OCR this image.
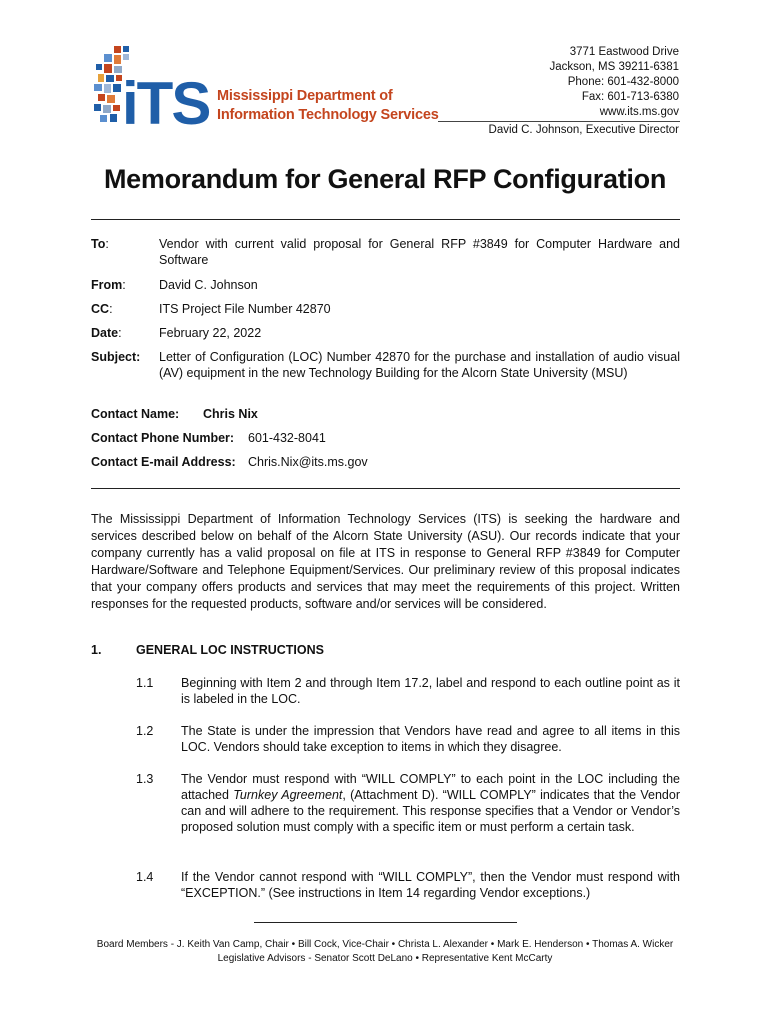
iTS Mississippi Department of
Information Technology Services
3771 Eastwood Drive
Jackson, MS 39211-6381
Phone: 601-432-8000
Fax: 601-713-6380
www.its.ms.gov
David C. Johnson, Executive Director
Memorandum for General RFP Configuration
To:	Vendor with current valid proposal for General RFP #3849 for Computer Hardware and Software
From:	David C. Johnson
CC:	ITS Project File Number 42870
Date:	February 22, 2022
Subject: Letter of Configuration (LOC) Number 42870 for the purchase and installation of audio visual (AV) equipment in the new Technology Building for the Alcorn State University (MSU)
Contact Name: Chris Nix
Contact Phone Number: 601-432-8041
Contact E-mail Address: Chris.Nix@its.ms.gov
The Mississippi Department of Information Technology Services (ITS) is seeking the hardware and services described below on behalf of the Alcorn State University (ASU). Our records indicate that your company currently has a valid proposal on file at ITS in response to General RFP #3849 for Computer Hardware/Software and Telephone Equipment/Services. Our preliminary review of this proposal indicates that your company offers products and services that may meet the requirements of this project. Written responses for the requested products, software and/or services will be considered.
1.	GENERAL LOC INSTRUCTIONS
1.1 Beginning with Item 2 and through Item 17.2, label and respond to each outline point as it is labeled in the LOC.
1.2 The State is under the impression that Vendors have read and agree to all items in this LOC. Vendors should take exception to items in which they disagree.
1.3 The Vendor must respond with “WILL COMPLY” to each point in the LOC including the attached Turnkey Agreement, (Attachment D). “WILL COMPLY” indicates that the Vendor can and will adhere to the requirement. This response specifies that a Vendor or Vendor’s proposed solution must comply with a specific item or must perform a certain task.
1.4 If the Vendor cannot respond with “WILL COMPLY”, then the Vendor must respond with “EXCEPTION.” (See instructions in Item 14 regarding Vendor exceptions.)
Board Members - J. Keith Van Camp, Chair • Bill Cock, Vice-Chair • Christa L. Alexander • Mark E. Henderson • Thomas A. Wicker
Legislative Advisors - Senator Scott DeLano • Representative Kent McCarty
